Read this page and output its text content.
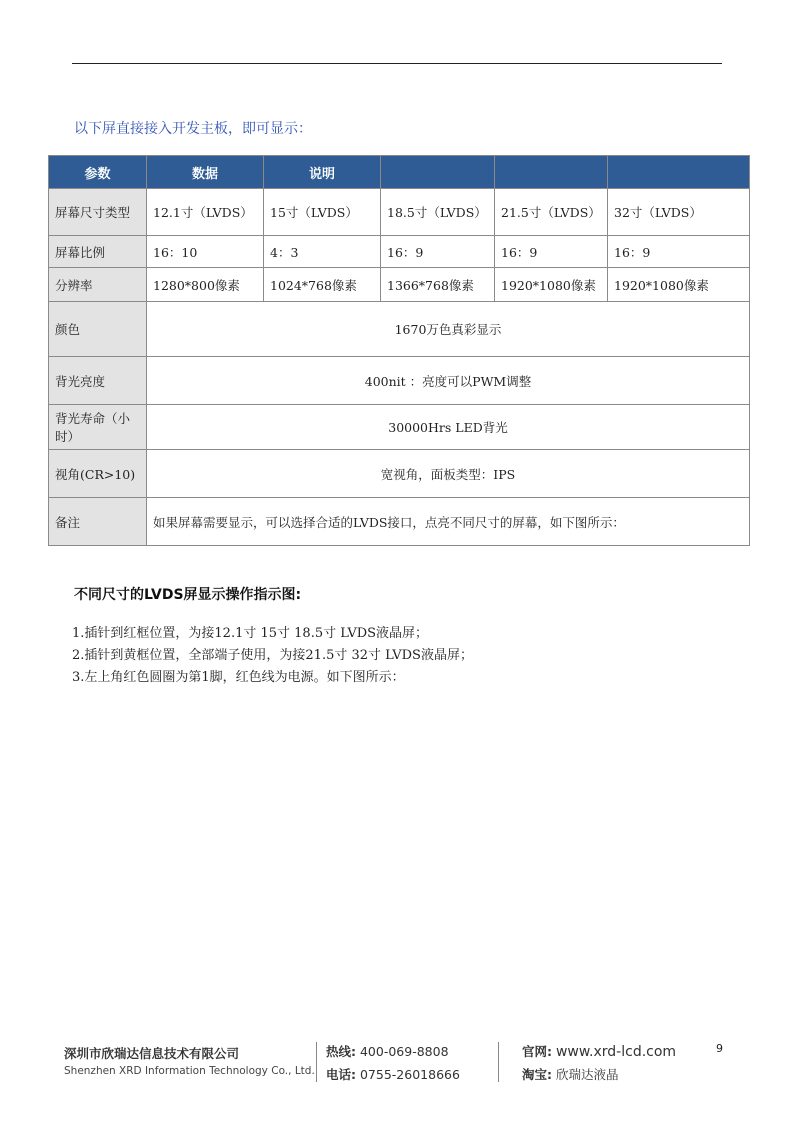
以下屏直接接入开发主板，即可显示：
参数	数据	说明			
屏幕尺寸类型	12.1寸（LVDS）	15寸（LVDS）	18.5寸（LVDS）	21.5寸（LVDS）	32寸（LVDS）
屏幕比例	16：10	4：3	16：9	16：9	16：9
分辨率	1280*800像素	1024*768像素	1366*768像素	1920*1080像素	1920*1080像素
颜色	1670万色真彩显示				
背光亮度	400nit ：亮度可以PWM调整				
背光寿命（小时）	30000Hrs LED背光				
视角(CR>10)	宽视角，面板类型：IPS				
备注	如果屏幕需要显示，可以选择合适的LVDS接口，点亮不同尺寸的屏幕，如下图所示：				
不同尺寸的LVDS屏显示操作指示图:
1.插针到红框位置，为接12.1寸 15寸 18.5寸 LVDS液晶屏；
2.插针到黄框位置，全部端子使用，为接21.5寸 32寸 LVDS液晶屏；
3.左上角红色圆圈为第1脚，红色线为电源。如下图所示：
深圳市欣瑞达信息技术有限公司
Shenzhen XRD Information Technology Co., Ltd.
热线: 400-069-8808
电话: 0755-26018666
官网: www.xrd-lcd.com
淘宝: 欣瑞达液晶
9
